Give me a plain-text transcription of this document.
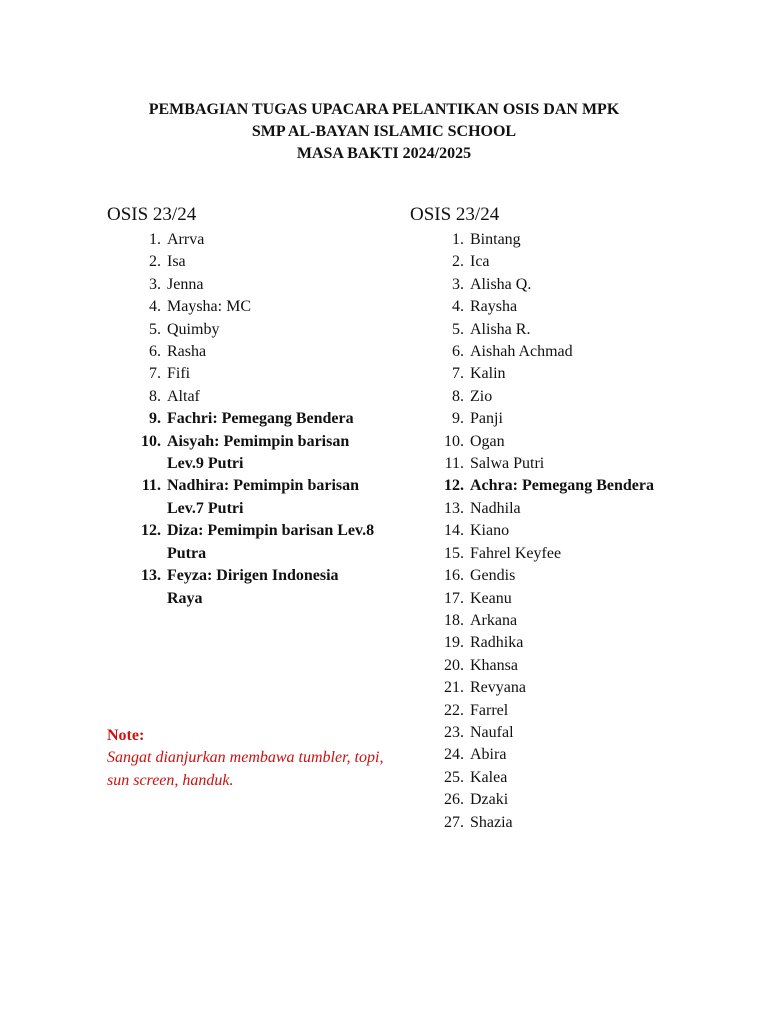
PEMBAGIAN TUGAS UPACARA PELANTIKAN OSIS DAN MPK
SMP AL-BAYAN ISLAMIC SCHOOL
MASA BAKTI 2024/2025
OSIS 23/24
1. Arrva
2. Isa
3. Jenna
4. Maysha: MC
5. Quimby
6. Rasha
7. Fifi
8. Altaf
9. Fachri: Pemegang Bendera
10. Aisyah: Pemimpin barisan Lev.9 Putri
11. Nadhira: Pemimpin barisan Lev.7 Putri
12. Diza: Pemimpin barisan Lev.8 Putra
13. Feyza: Dirigen Indonesia Raya
OSIS 23/24
1. Bintang
2. Ica
3. Alisha Q.
4. Raysha
5. Alisha R.
6. Aishah Achmad
7. Kalin
8. Zio
9. Panji
10. Ogan
11. Salwa Putri
12. Achra: Pemegang Bendera
13. Nadhila
14. Kiano
15. Fahrel Keyfee
16. Gendis
17. Keanu
18. Arkana
19. Radhika
20. Khansa
21. Revyana
22. Farrel
23. Naufal
24. Abira
25. Kalea
26. Dzaki
27. Shazia
Note:
Sangat dianjurkan membawa tumbler, topi, sun screen, handuk.
